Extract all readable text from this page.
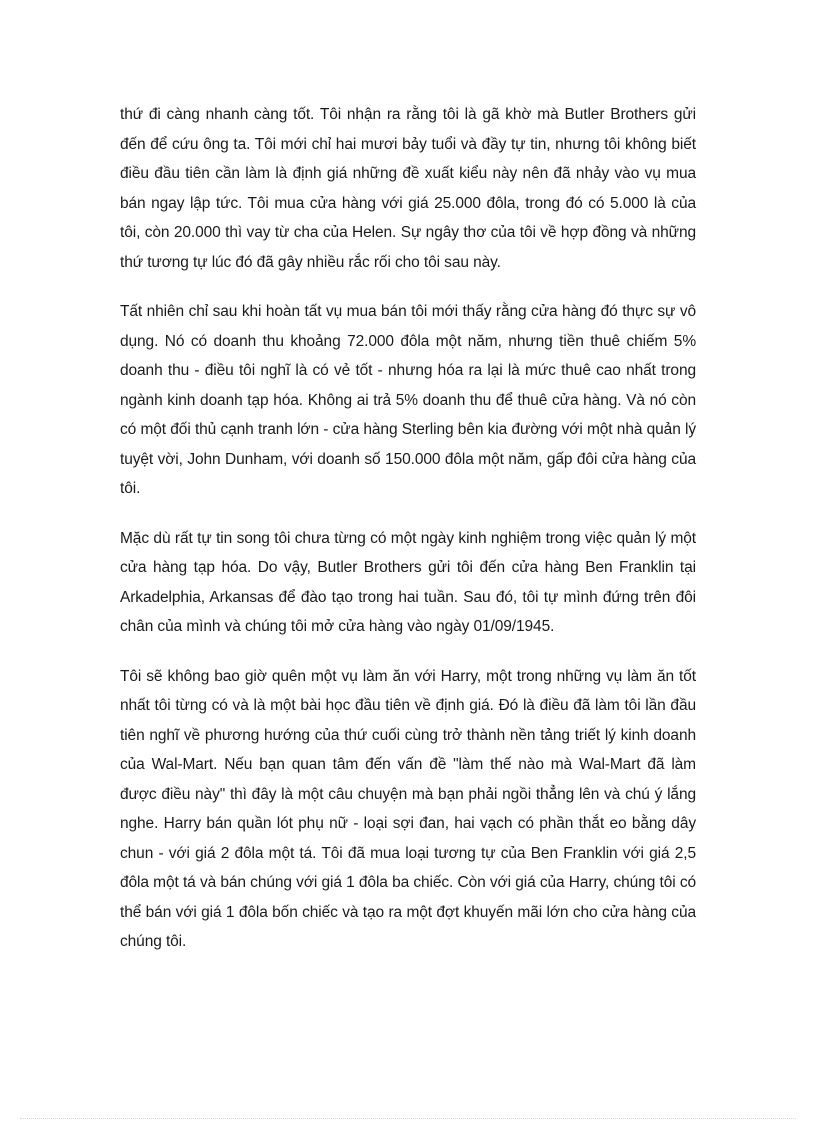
thứ đi càng nhanh càng tốt. Tôi nhận ra rằng tôi là gã khờ mà Butler Brothers gửi đến để cứu ông ta. Tôi mới chỉ hai mươi bảy tuổi và đầy tự tin, nhưng tôi không biết điều đầu tiên cần làm là định giá những đề xuất kiểu này nên đã nhảy vào vụ mua bán ngay lập tức. Tôi mua cửa hàng với giá 25.000 đôla, trong đó có 5.000 là của tôi, còn 20.000 thì vay từ cha của Helen. Sự ngây thơ của tôi về hợp đồng và những thứ tương tự lúc đó đã gây nhiều rắc rối cho tôi sau này.

Tất nhiên chỉ sau khi hoàn tất vụ mua bán tôi mới thấy rằng cửa hàng đó thực sự vô dụng. Nó có doanh thu khoảng 72.000 đôla một năm, nhưng tiền thuê chiếm 5% doanh thu - điều tôi nghĩ là có vẻ tốt - nhưng hóa ra lại là mức thuê cao nhất trong ngành kinh doanh tạp hóa. Không ai trả 5% doanh thu để thuê cửa hàng. Và nó còn có một đối thủ cạnh tranh lớn - cửa hàng Sterling bên kia đường với một nhà quản lý tuyệt vời, John Dunham, với doanh số 150.000 đôla một năm, gấp đôi cửa hàng của tôi.

Mặc dù rất tự tin song tôi chưa từng có một ngày kinh nghiệm trong việc quản lý một cửa hàng tạp hóa. Do vậy, Butler Brothers gửi tôi đến cửa hàng Ben Franklin tại Arkadelphia, Arkansas để đào tạo trong hai tuần. Sau đó, tôi tự mình đứng trên đôi chân của mình và chúng tôi mở cửa hàng vào ngày 01/09/1945.

Tôi sẽ không bao giờ quên một vụ làm ăn với Harry, một trong những vụ làm ăn tốt nhất tôi từng có và là một bài học đầu tiên về định giá. Đó là điều đã làm tôi lần đầu tiên nghĩ về phương hướng của thứ cuối cùng trở thành nền tảng triết lý kinh doanh của Wal-Mart. Nếu bạn quan tâm đến vấn đề "làm thế nào mà Wal-Mart đã làm được điều này" thì đây là một câu chuyện mà bạn phải ngồi thẳng lên và chú ý lắng nghe. Harry bán quần lót phụ nữ - loại sợi đan, hai vạch có phần thắt eo bằng dây chun - với giá 2 đôla một tá. Tôi đã mua loại tương tự của Ben Franklin với giá 2,5 đôla một tá và bán chúng với giá 1 đôla ba chiếc. Còn với giá của Harry, chúng tôi có thể bán với giá 1 đôla bốn chiếc và tạo ra một đợt khuyến mãi lớn cho cửa hàng của chúng tôi.
